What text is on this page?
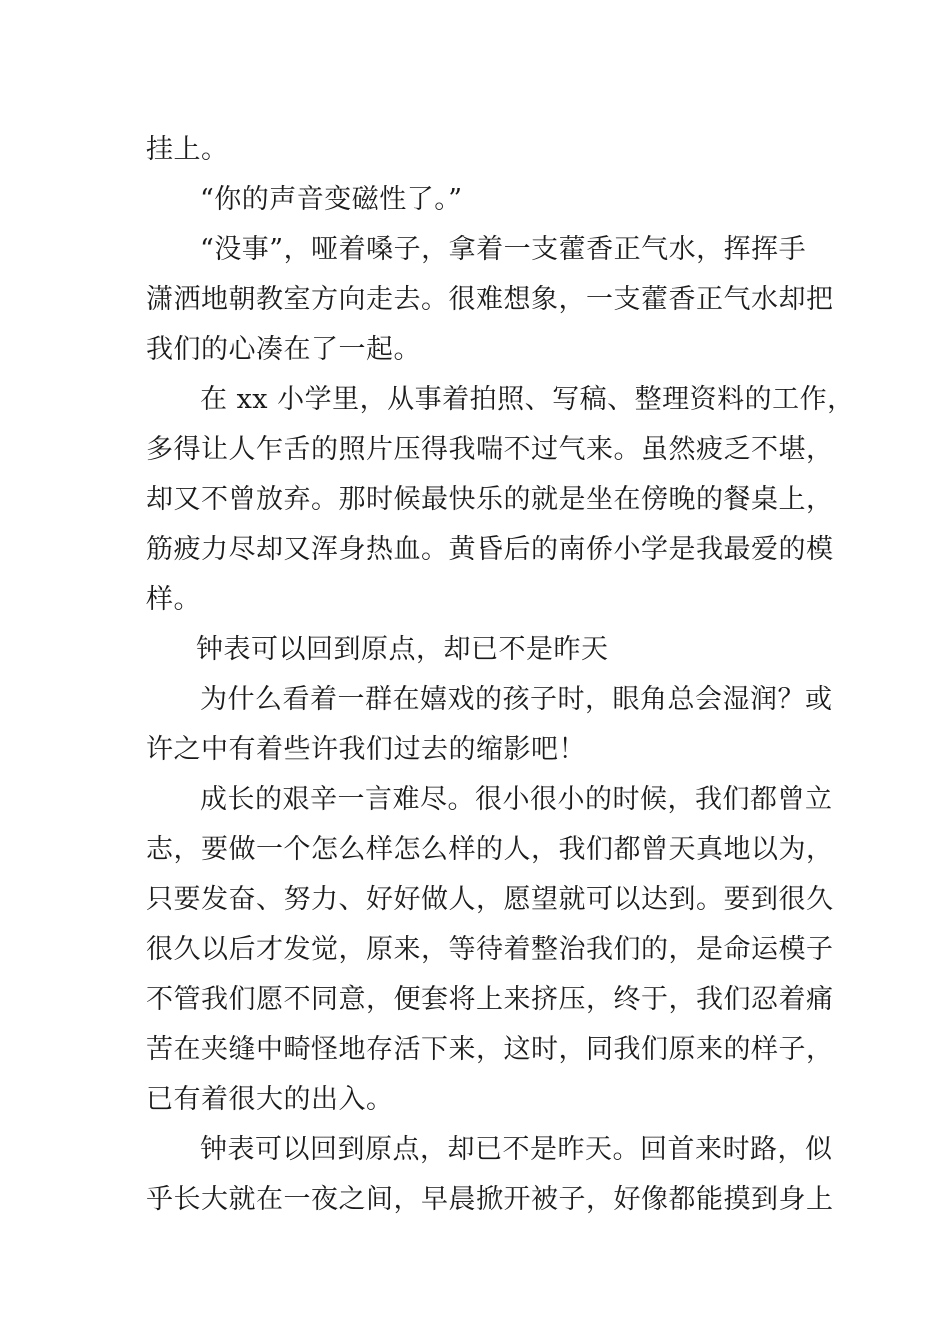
挂上。
“你的声音变磁性了。”
“没事”，哑着嗓子，拿着一支藿香正气水，挥挥手
潇洒地朝教室方向走去。很难想象，一支藿香正气水却把
我们的心凑在了一起。
在 xx 小学里，从事着拍照、写稿、整理资料的工作，
多得让人乍舌的照片压得我喘不过气来。虽然疲乏不堪，
却又不曾放弃。那时候最快乐的就是坐在傍晚的餐桌上，
筋疲力尽却又浑身热血。黄昏后的南侨小学是我最爱的模
样。
钟表可以回到原点，却已不是昨天
为什么看着一群在嬉戏的孩子时，眼角总会湿润？或
许之中有着些许我们过去的缩影吧！
成长的艰辛一言难尽。很小很小的时候，我们都曾立
志，要做一个怎么样怎么样的人，我们都曾天真地以为，
只要发奋、努力、好好做人，愿望就可以达到。要到很久
很久以后才发觉，原来，等待着整治我们的，是命运模子
不管我们愿不同意，便套将上来挤压，终于，我们忍着痛
苦在夹缝中畸怪地存活下来，这时，同我们原来的样子，
已有着很大的出入。
钟表可以回到原点，却已不是昨天。回首来时路，似
乎长大就在一夜之间，早晨掀开被子，好像都能摸到身上
